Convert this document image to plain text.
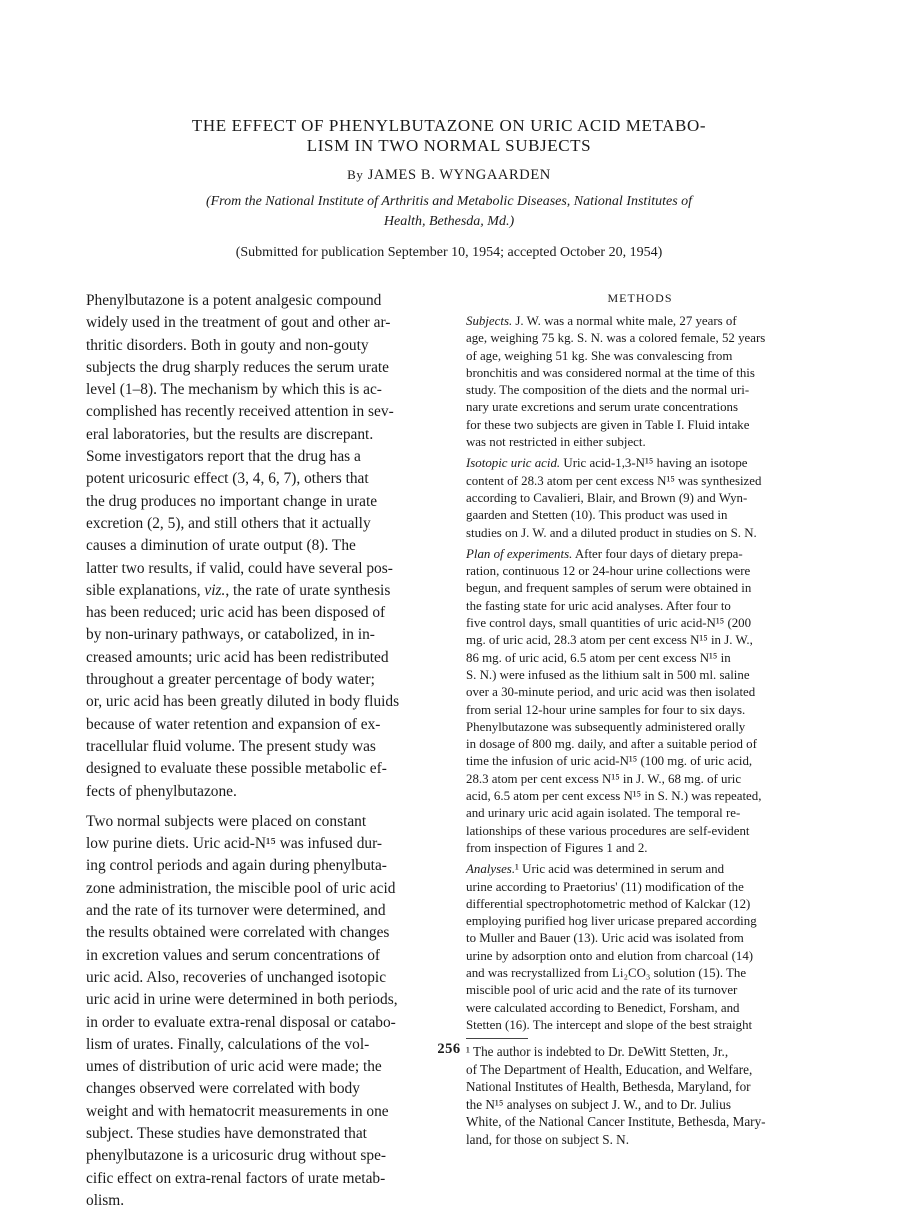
THE EFFECT OF PHENYLBUTAZONE ON URIC ACID METABO-
LISM IN TWO NORMAL SUBJECTS
By JAMES B. WYNGAARDEN
(From the National Institute of Arthritis and Metabolic Diseases, National Institutes of
Health, Bethesda, Md.)
(Submitted for publication September 10, 1954; accepted October 20, 1954)
Phenylbutazone is a potent analgesic compound
widely used in the treatment of gout and other ar-
thritic disorders. Both in gouty and non-gouty
subjects the drug sharply reduces the serum urate
level (1–8). The mechanism by which this is ac-
complished has recently received attention in sev-
eral laboratories, but the results are discrepant.
Some investigators report that the drug has a
potent uricosuric effect (3, 4, 6, 7), others that
the drug produces no important change in urate
excretion (2, 5), and still others that it actually
causes a diminution of urate output (8). The
latter two results, if valid, could have several pos-
sible explanations, viz., the rate of urate synthesis
has been reduced; uric acid has been disposed of
by non-urinary pathways, or catabolized, in in-
creased amounts; uric acid has been redistributed
throughout a greater percentage of body water;
or, uric acid has been greatly diluted in body fluids
because of water retention and expansion of ex-
tracellular fluid volume. The present study was
designed to evaluate these possible metabolic ef-
fects of phenylbutazone.
Two normal subjects were placed on constant
low purine diets. Uric acid-N¹⁵ was infused dur-
ing control periods and again during phenylbuta-
zone administration, the miscible pool of uric acid
and the rate of its turnover were determined, and
the results obtained were correlated with changes
in excretion values and serum concentrations of
uric acid. Also, recoveries of unchanged isotopic
uric acid in urine were determined in both periods,
in order to evaluate extra-renal disposal or catabo-
lism of urates. Finally, calculations of the vol-
umes of distribution of uric acid were made; the
changes observed were correlated with body
weight and with hematocrit measurements in one
subject. These studies have demonstrated that
phenylbutazone is a uricosuric drug without spe-
cific effect on extra-renal factors of urate metab-
olism.
METHODS
Subjects. J. W. was a normal white male, 27 years of
age, weighing 75 kg. S. N. was a colored female, 52 years
of age, weighing 51 kg. She was convalescing from
bronchitis and was considered normal at the time of this
study. The composition of the diets and the normal uri-
nary urate excretions and serum urate concentrations
for these two subjects are given in Table I. Fluid intake
was not restricted in either subject.
Isotopic uric acid. Uric acid-1,3-N¹⁵ having an isotope
content of 28.3 atom per cent excess N¹⁵ was synthesized
according to Cavalieri, Blair, and Brown (9) and Wyn-
gaarden and Stetten (10). This product was used in
studies on J. W. and a diluted product in studies on S. N.
Plan of experiments. After four days of dietary prepa-
ration, continuous 12 or 24-hour urine collections were
begun, and frequent samples of serum were obtained in
the fasting state for uric acid analyses. After four to
five control days, small quantities of uric acid-N¹⁵ (200
mg. of uric acid, 28.3 atom per cent excess N¹⁵ in J. W.,
86 mg. of uric acid, 6.5 atom per cent excess N¹⁵ in
S. N.) were infused as the lithium salt in 500 ml. saline
over a 30-minute period, and uric acid was then isolated
from serial 12-hour urine samples for four to six days.
Phenylbutazone was subsequently administered orally
in dosage of 800 mg. daily, and after a suitable period of
time the infusion of uric acid-N¹⁵ (100 mg. of uric acid,
28.3 atom per cent excess N¹⁵ in J. W., 68 mg. of uric
acid, 6.5 atom per cent excess N¹⁵ in S. N.) was repeated,
and urinary uric acid again isolated. The temporal re-
lationships of these various procedures are self-evident
from inspection of Figures 1 and 2.
Analyses.¹ Uric acid was determined in serum and
urine according to Praetorius' (11) modification of the
differential spectrophotometric method of Kalckar (12)
employing purified hog liver uricase prepared according
to Muller and Bauer (13). Uric acid was isolated from
urine by adsorption onto and elution from charcoal (14)
and was recrystallized from Li₂CO₃ solution (15). The
miscible pool of uric acid and the rate of its turnover
were calculated according to Benedict, Forsham, and
Stetten (16). The intercept and slope of the best straight
¹ The author is indebted to Dr. DeWitt Stetten, Jr.,
of The Department of Health, Education, and Welfare,
National Institutes of Health, Bethesda, Maryland, for
the N¹⁵ analyses on subject J. W., and to Dr. Julius
White, of the National Cancer Institute, Bethesda, Mary-
land, for those on subject S. N.
256
